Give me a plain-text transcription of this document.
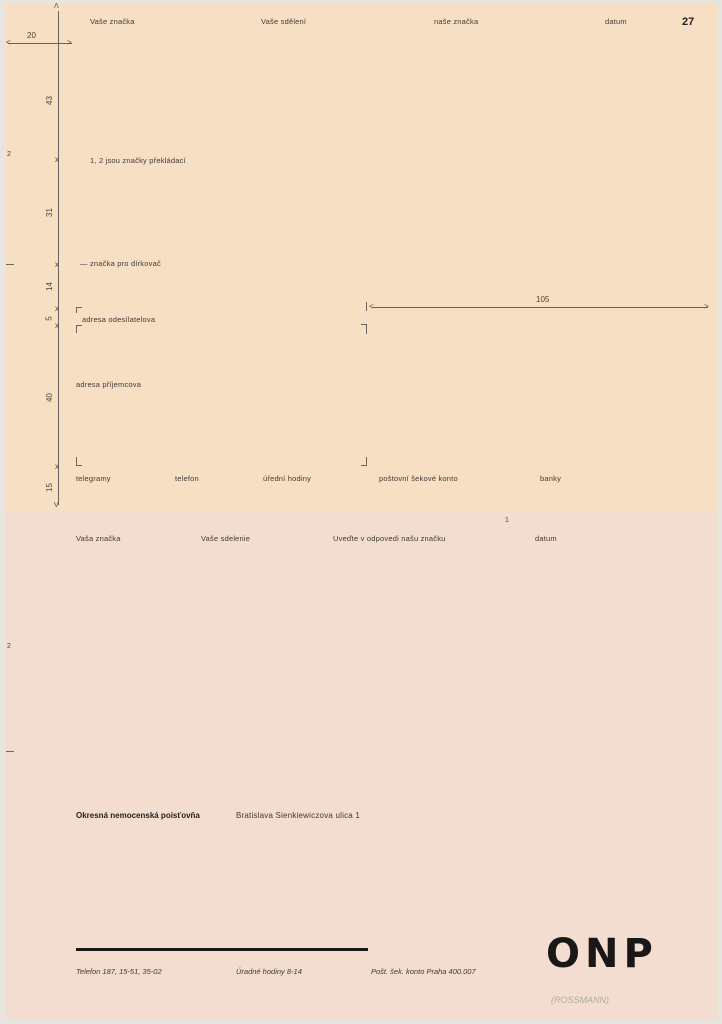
Vaše značka	Vaše sdělení	naše značka	datum	27
<	>
20
Λ
V
43
31
14
5
40
15
x
x
x
x
x
2
1, 2 jsou značky překládací
— značka pro dírkovač
adresa odesílatelova
adresa příjemcova
<	>
105
telegramy	telefon	úřední hodiny	poštovní šekové konto	banky
1
Vaša značka	Vaše sdelenie	Uveďte v odpovedi našu značku	datum
2
Okresná nemocenská poisťovňa	Bratislava Sienkiewiczova ulica 1
Telefon 187, 15-51, 35-02	Úradné hodiny 8-14	Pošt. šek. konto Praha 400.007 ONP
(ROSSMANN)
